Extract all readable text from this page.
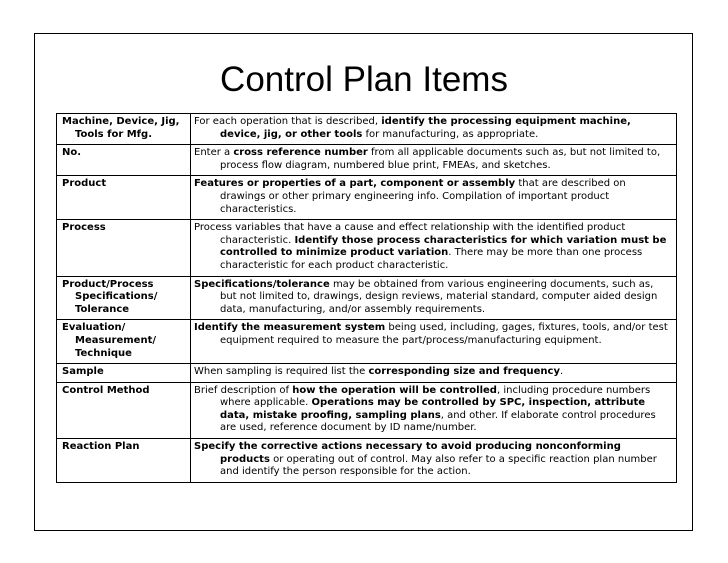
Control Plan Items
Machine, Device, Jig, Tools for Mfg.	For each operation that is described, identify the processing equipment machine, device, jig, or other tools for manufacturing, as appropriate.
No.	Enter a cross reference number from all applicable documents such as, but not limited to, process flow diagram, numbered blue print, FMEAs, and sketches.
Product	Features or properties of a part, component or assembly that are described on drawings or other primary engineering info. Compilation of important product characteristics.
Process	Process variables that have a cause and effect relationship with the identified product characteristic. Identify those process characteristics for which variation must be controlled to minimize product variation. There may be more than one process characteristic for each product characteristic.
Product/Process Specifications/ Tolerance	Specifications/tolerance may be obtained from various engineering documents, such as, but not limited to, drawings, design reviews, material standard, computer aided design data, manufacturing, and/or assembly requirements.
Evaluation/ Measurement/ Technique	Identify the measurement system being used, including, gages, fixtures, tools, and/or test equipment required to measure the part/process/manufacturing equipment.
Sample	When sampling is required list the corresponding size and frequency.
Control Method	Brief description of how the operation will be controlled, including procedure numbers where applicable. Operations may be controlled by SPC, inspection, attribute data, mistake proofing, sampling plans, and other. If elaborate control procedures are used, reference document by ID name/number.
Reaction Plan	Specify the corrective actions necessary to avoid producing nonconforming products or operating out of control. May also refer to a specific reaction plan number and identify the person responsible for the action.
